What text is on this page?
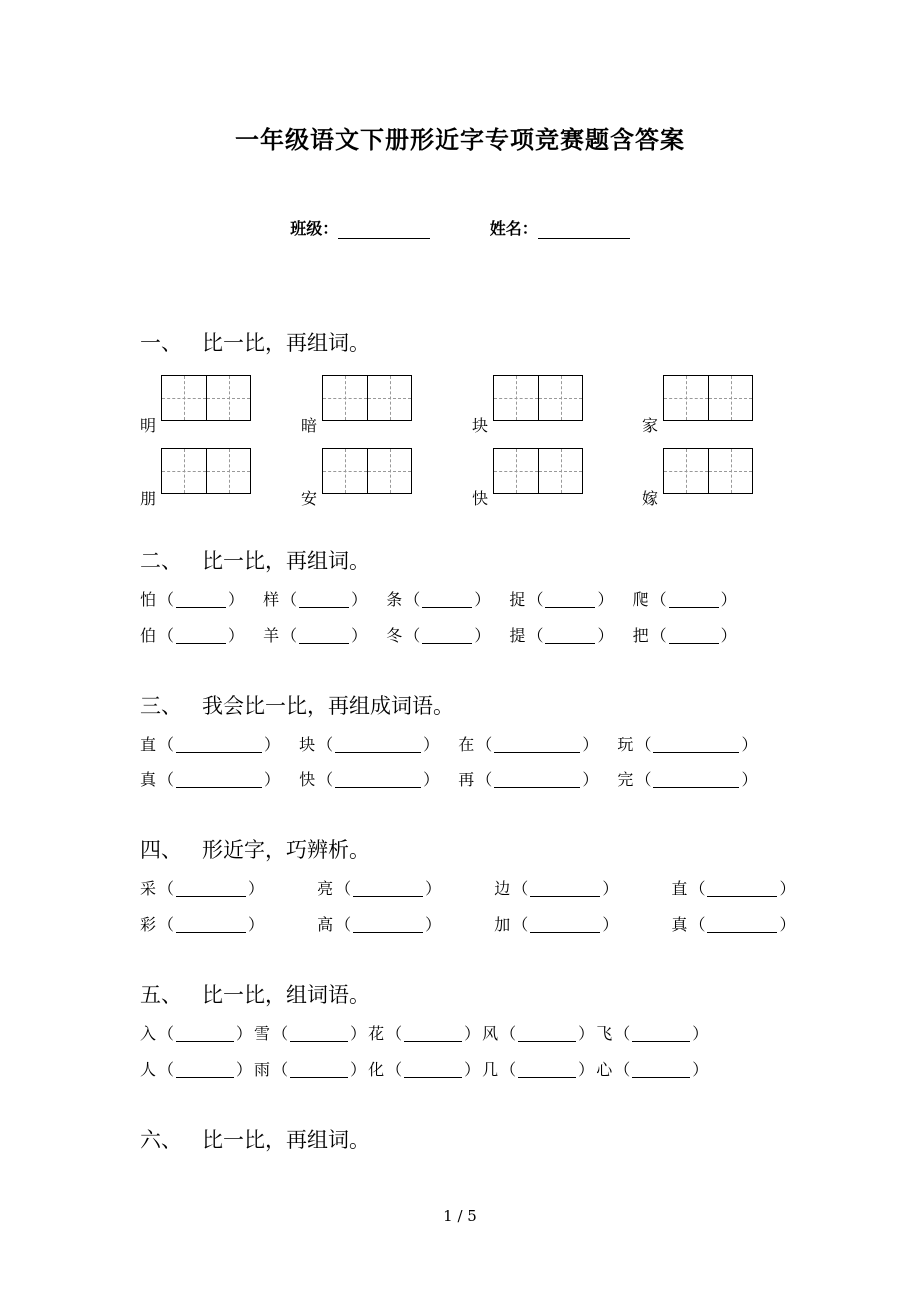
一年级语文下册形近字专项竞赛题含答案
班级：	姓名：
一、 比一比，再组词。
二、 比一比，再组词。
三、 我会比一比，再组成词语。
四、 形近字，巧辨析。
五、 比一比，组词语。
六、 比一比，再组词。
明	暗	块	家
朋	安	快	嫁
怕 （	） 样 （	） 条 （	） 捉 （	） 爬 （	）
伯 （	） 羊 （	） 冬 （	） 提 （	） 把 （	）
直 （	） 块 （	） 在 （	） 玩 （	）
真 （	） 快 （	） 再 （	） 完 （	）
采 （	）	亮 （	）	边 （	）	直 （	）
彩 （	）	高 （	）	加 （	）	真 （	）
入 （	） 雪 （	） 花 （	） 风 （	） 飞 （	）
人 （	） 雨 （	） 化 （	） 几 （	） 心 （	）
1 / 5
